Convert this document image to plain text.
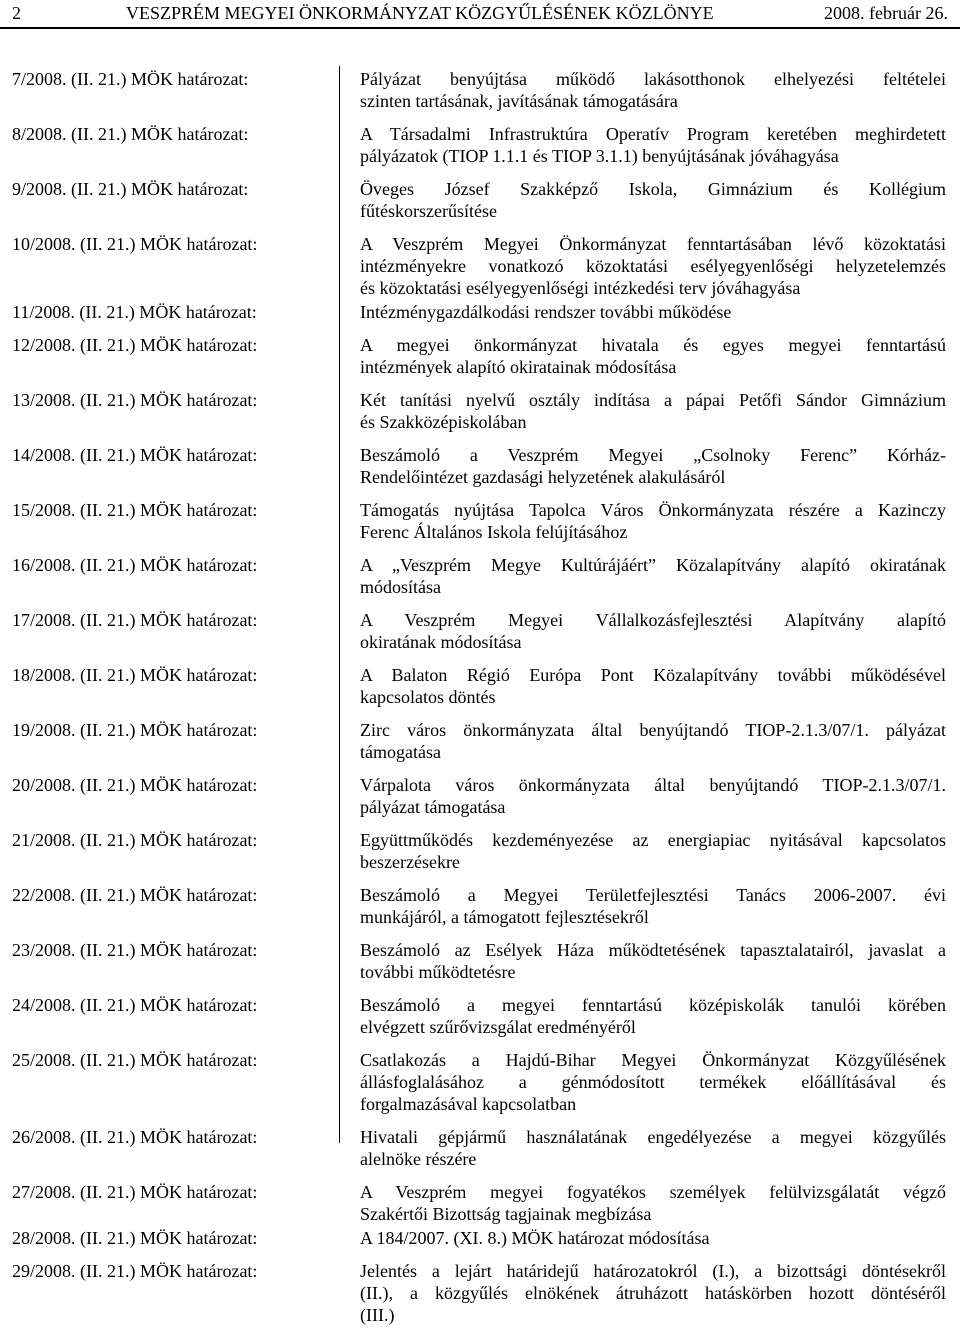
2	VESZPRÉM MEGYEI ÖNKORMÁNYZAT KÖZGYŰLÉSÉNEK KÖZLÖNYE	2008. február 26.
7/2008. (II. 21.) MÖK határozat:	Pályázat benyújtása működő lakásotthonok elhelyezési feltételei
szinten tartásának, javításának támogatására
8/2008. (II. 21.) MÖK határozat:	A Társadalmi Infrastruktúra Operatív Program keretében meghirdetett
pályázatok (TIOP 1.1.1 és TIOP 3.1.1) benyújtásának jóváhagyása
9/2008. (II. 21.) MÖK határozat:	Öveges József Szakképző Iskola, Gimnázium és Kollégium
fűtéskorszerűsítése
10/2008. (II. 21.) MÖK határozat:	A Veszprém Megyei Önkormányzat fenntartásában lévő közoktatási
intézményekre vonatkozó közoktatási esélyegyenlőségi helyzetelemzés
és közoktatási esélyegyenlőségi intézkedési terv jóváhagyása
11/2008. (II. 21.) MÖK határozat:	Intézménygazdálkodási rendszer további működése
12/2008. (II. 21.) MÖK határozat:	A megyei önkormányzat hivatala és egyes megyei fenntartású
intézmények alapító okiratainak módosítása
13/2008. (II. 21.) MÖK határozat:	Két tanítási nyelvű osztály indítása a pápai Petőfi Sándor Gimnázium
és Szakközépiskolában
14/2008. (II. 21.) MÖK határozat:	Beszámoló a Veszprém Megyei „Csolnoky Ferenc” Kórház-
Rendelőintézet gazdasági helyzetének alakulásáról
15/2008. (II. 21.) MÖK határozat:	Támogatás nyújtása Tapolca Város Önkormányzata részére a Kazinczy
Ferenc Általános Iskola felújításához
16/2008. (II. 21.) MÖK határozat:	A „Veszprém Megye Kultúrájáért” Közalapítvány alapító okiratának
módosítása
17/2008. (II. 21.) MÖK határozat:	A Veszprém Megyei Vállalkozásfejlesztési Alapítvány alapító
okiratának módosítása
18/2008. (II. 21.) MÖK határozat:	A Balaton Régió Európa Pont Közalapítvány további működésével
kapcsolatos döntés
19/2008. (II. 21.) MÖK határozat:	Zirc város önkormányzata által benyújtandó TIOP-2.1.3/07/1. pályázat
támogatása
20/2008. (II. 21.) MÖK határozat:	Várpalota város önkormányzata által benyújtandó TIOP-2.1.3/07/1.
pályázat támogatása
21/2008. (II. 21.) MÖK határozat:	Együttműködés kezdeményezése az energiapiac nyitásával kapcsolatos
beszerzésekre
22/2008. (II. 21.) MÖK határozat:	Beszámoló a Megyei Területfejlesztési Tanács 2006-2007. évi
munkájáról, a támogatott fejlesztésekről
23/2008. (II. 21.) MÖK határozat:	Beszámoló az Esélyek Háza működtetésének tapasztalatairól, javaslat a
további működtetésre
24/2008. (II. 21.) MÖK határozat:	Beszámoló a megyei fenntartású középiskolák tanulói körében
elvégzett szűrővizsgálat eredményéről
25/2008. (II. 21.) MÖK határozat:	Csatlakozás a Hajdú-Bihar Megyei Önkormányzat Közgyűlésének
állásfoglalásához a génmódosított termékek előállításával és
forgalmazásával kapcsolatban
26/2008. (II. 21.) MÖK határozat:	Hivatali gépjármű használatának engedélyezése a megyei közgyűlés
alelnöke részére
27/2008. (II. 21.) MÖK határozat:	A Veszprém megyei fogyatékos személyek felülvizsgálatát végző
Szakértői Bizottság tagjainak megbízása
28/2008. (II. 21.) MÖK határozat:	A 184/2007. (XI. 8.) MÖK határozat módosítása
29/2008. (II. 21.) MÖK határozat:	Jelentés a lejárt határidejű határozatokról (I.), a bizottsági döntésekről
(II.), a közgyűlés elnökének átruházott hatáskörben hozott döntéséről
(III.)
